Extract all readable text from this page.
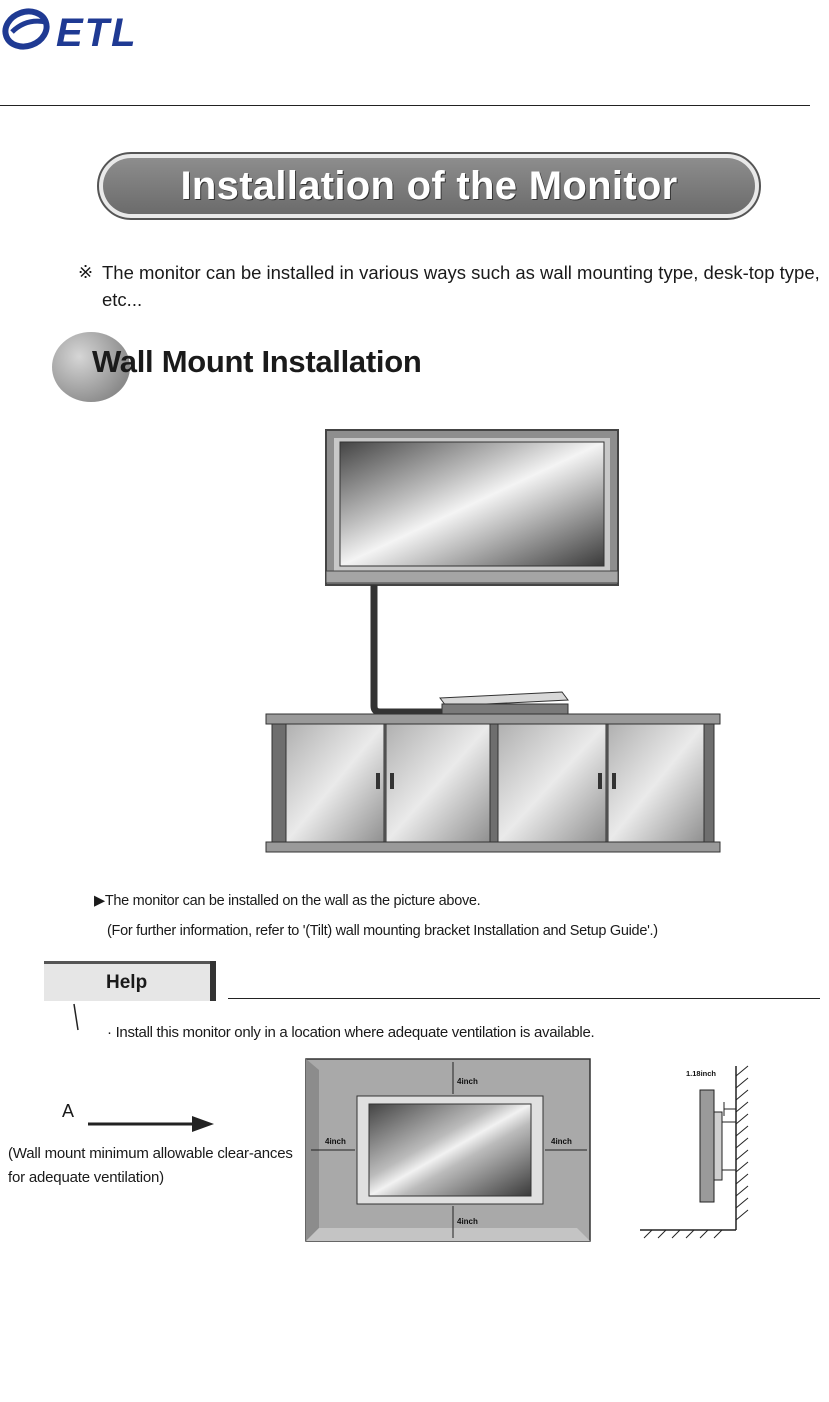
ETL
Installation of the Monitor
※ The monitor can be installed in various ways such as wall mounting type, desk-top type, etc...
Wall Mount Installation
▶The monitor can be installed on the wall as the picture above.
(For further information, refer to '(Tilt) wall mounting bracket Installation and Setup Guide'.)
Help
· Install this monitor only in a location where adequate ventilation is available.
A
(Wall mount minimum allowable clear-ances for adequate ventilation)
4inch
4inch
4inch	4inch
1.18inch
